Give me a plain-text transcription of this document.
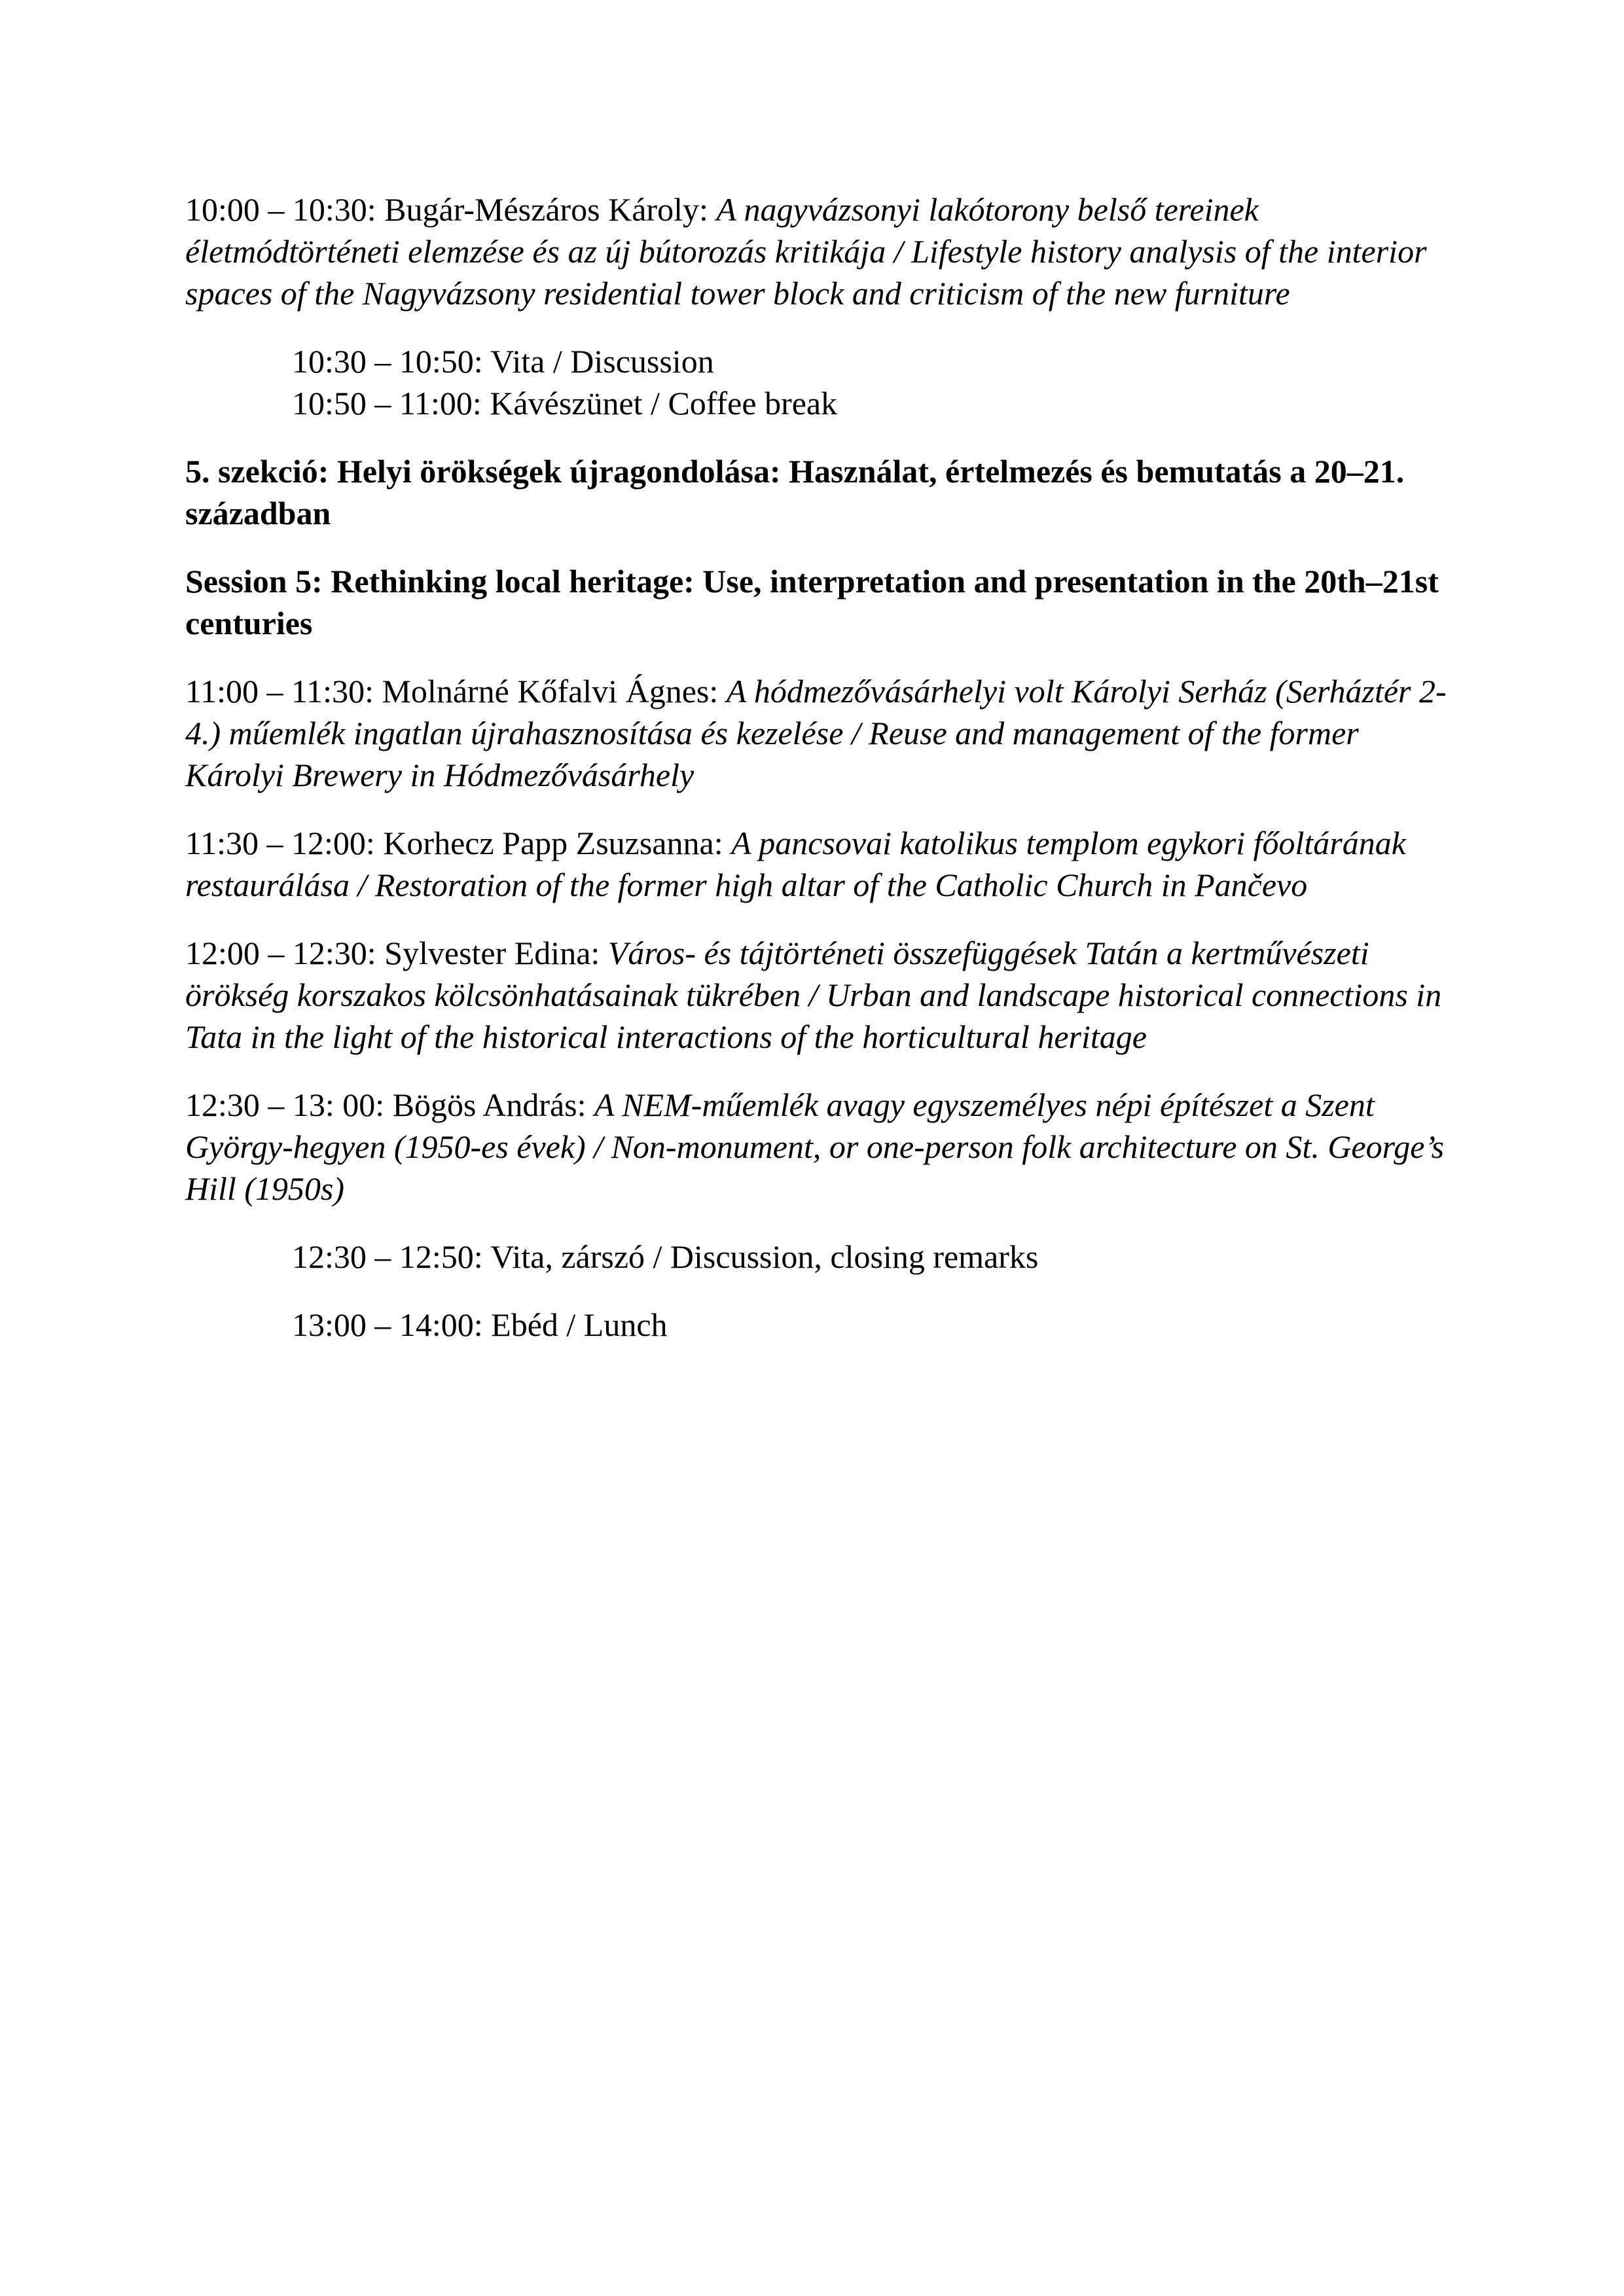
10:00 – 10:30: Bugár-Mészáros Károly: A nagyvázsonyi lakótorony belső tereinek életmódtörténeti elemzése és az új bútorozás kritikája / Lifestyle history analysis of the interior spaces of the Nagyvázsony residential tower block and criticism of the new furniture

10:30 – 10:50: Vita / Discussion

10:50 – 11:00: Kávészünet / Coffee break

5. szekció: Helyi örökségek újragondolása: Használat, értelmezés és bemutatás a 20–21. században

Session 5: Rethinking local heritage: Use, interpretation and presentation in the 20th–21st centuries

11:00 – 11:30: Molnárné Kőfalvi Ágnes: A hódmezővásárhelyi volt Károlyi Serház (Serháztér 2-4.) műemlék ingatlan újrahasznosítása és kezelése / Reuse and management of the former Károlyi Brewery in Hódmezővásárhely

11:30 – 12:00: Korhecz Papp Zsuzsanna: A pancsovai katolikus templom egykori főoltárának restaurálása / Restoration of the former high altar of the Catholic Church in Pančevo

12:00 – 12:30: Sylvester Edina: Város- és tájtörténeti összefüggések Tatán a kertművészeti örökség korszakos kölcsönhatásainak tükrében / Urban and landscape historical connections in Tata in the light of the historical interactions of the horticultural heritage

12:30 – 13: 00: Bögös András: A NEM-műemlék avagy egyszemélyes népi építészet a Szent György-hegyen (1950-es évek) / Non-monument, or one-person folk architecture on St. George’s Hill (1950s)

12:30 – 12:50: Vita, zárszó / Discussion, closing remarks

13:00 – 14:00: Ebéd / Lunch
